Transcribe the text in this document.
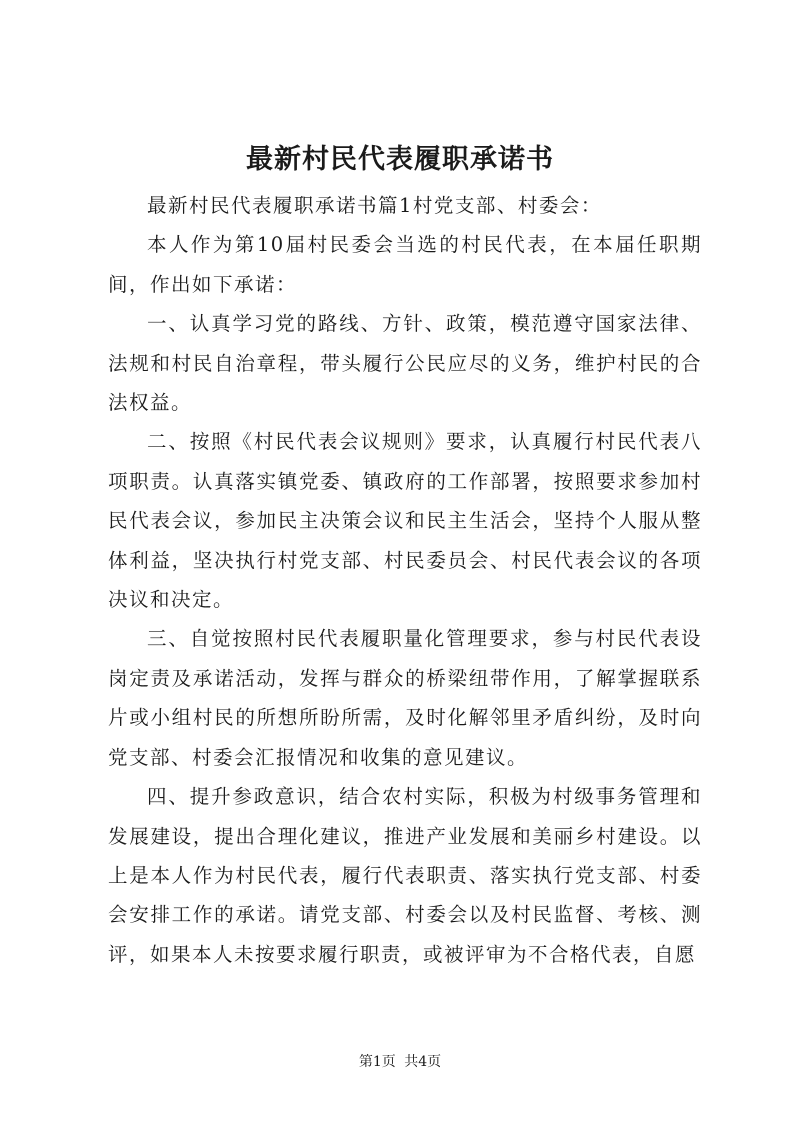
最新村民代表履职承诺书

最新村民代表履职承诺书篇1村党支部、村委会：

本人作为第10届村民委会当选的村民代表，在本届任职期间，作出如下承诺：

一、认真学习党的路线、方针、政策，模范遵守国家法律、法规和村民自治章程，带头履行公民应尽的义务，维护村民的合法权益。

二、按照《村民代表会议规则》要求，认真履行村民代表八项职责。认真落实镇党委、镇政府的工作部署，按照要求参加村民代表会议，参加民主决策会议和民主生活会，坚持个人服从整体利益，坚决执行村党支部、村民委员会、村民代表会议的各项决议和决定。

三、自觉按照村民代表履职量化管理要求，参与村民代表设岗定责及承诺活动，发挥与群众的桥梁纽带作用，了解掌握联系片或小组村民的所想所盼所需，及时化解邻里矛盾纠纷，及时向党支部、村委会汇报情况和收集的意见建议。

四、提升参政意识，结合农村实际，积极为村级事务管理和发展建设，提出合理化建议，推进产业发展和美丽乡村建设。以上是本人作为村民代表，履行代表职责、落实执行党支部、村委会安排工作的承诺。请党支部、村委会以及村民监督、考核、测评，如果本人未按要求履行职责，或被评审为不合格代表，自愿

第1页 共4页
